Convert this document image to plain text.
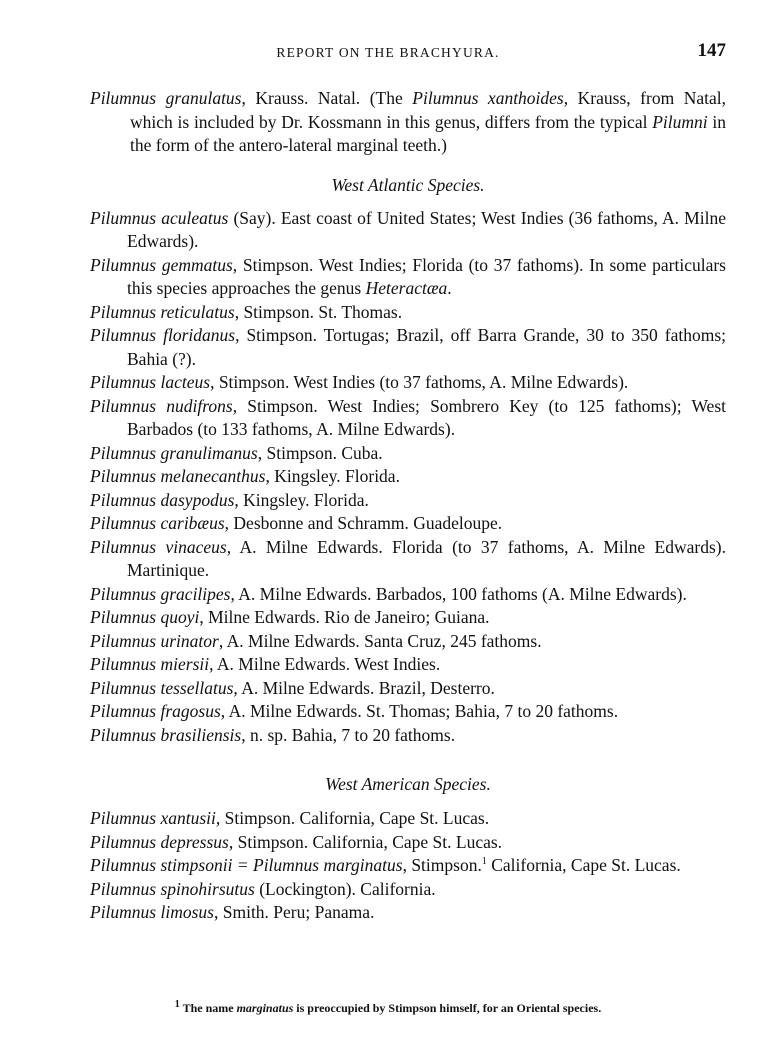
REPORT ON THE BRACHYURA.	147

Pilumnus granulatus, Krauss. Natal. (The Pilumnus xanthoides, Krauss, from Natal, which is included by Dr. Kossmann in this genus, differs from the typical Pilumni in the form of the antero-lateral marginal teeth.)

West Atlantic Species.

Pilumnus aculeatus (Say). East coast of United States; West Indies (36 fathoms, A. Milne Edwards).

Pilumnus gemmatus, Stimpson. West Indies; Florida (to 37 fathoms). In some particulars this species approaches the genus Heteractæa.

Pilumnus reticulatus, Stimpson. St. Thomas.

Pilumnus floridanus, Stimpson. Tortugas; Brazil, off Barra Grande, 30 to 350 fathoms; Bahia (?).

Pilumnus lacteus, Stimpson. West Indies (to 37 fathoms, A. Milne Edwards).

Pilumnus nudifrons, Stimpson. West Indies; Sombrero Key (to 125 fathoms); West Barbados (to 133 fathoms, A. Milne Edwards).

Pilumnus granulimanus, Stimpson. Cuba.

Pilumnus melanecanthus, Kingsley. Florida.

Pilumnus dasypodus, Kingsley. Florida.

Pilumnus caribæus, Desbonne and Schramm. Guadeloupe.

Pilumnus vinaceus, A. Milne Edwards. Florida (to 37 fathoms, A. Milne Edwards). Martinique.

Pilumnus gracilipes, A. Milne Edwards. Barbados, 100 fathoms (A. Milne Edwards).

Pilumnus quoyi, Milne Edwards. Rio de Janeiro; Guiana.

Pilumnus urinator, A. Milne Edwards. Santa Cruz, 245 fathoms.

Pilumnus miersii, A. Milne Edwards. West Indies.

Pilumnus tessellatus, A. Milne Edwards. Brazil, Desterro.

Pilumnus fragosus, A. Milne Edwards. St. Thomas; Bahia, 7 to 20 fathoms.

Pilumnus brasiliensis, n. sp. Bahia, 7 to 20 fathoms.

West American Species.

Pilumnus xantusii, Stimpson. California, Cape St. Lucas.

Pilumnus depressus, Stimpson. California, Cape St. Lucas.

Pilumnus stimpsonii = Pilumnus marginatus, Stimpson.$^1$ California, Cape St. Lucas.

Pilumnus spinohirsutus (Lockington). California.

Pilumnus limosus, Smith. Peru; Panama.

$^1$ The name marginatus is preoccupied by Stimpson himself, for an Oriental species.
